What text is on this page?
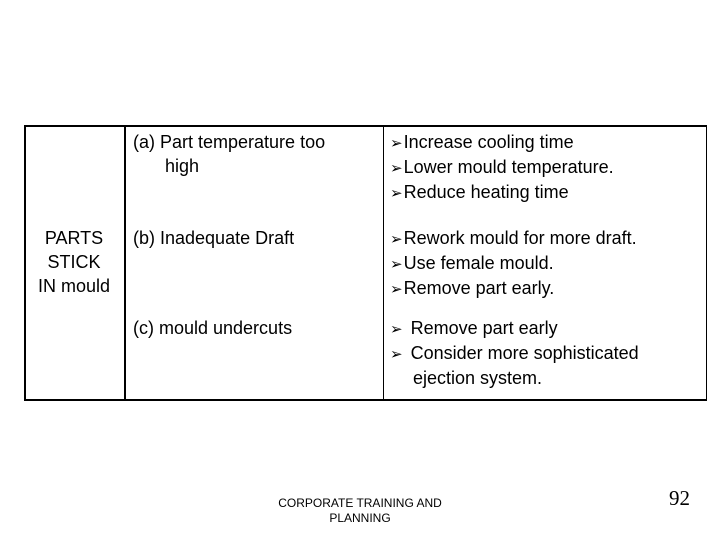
PARTS
STICK
IN mould
(a) Part temperature too
high
➢Increase cooling time
➢Lower mould temperature.
➢Reduce heating time
(b) Inadequate Draft	➢Rework mould for more draft.
➢Use female mould.
➢Remove part early.
(c) mould undercuts	➢ Remove part early
➢ Consider more sophisticated
ejection system.
CORPORATE TRAINING AND
PLANNING
92
